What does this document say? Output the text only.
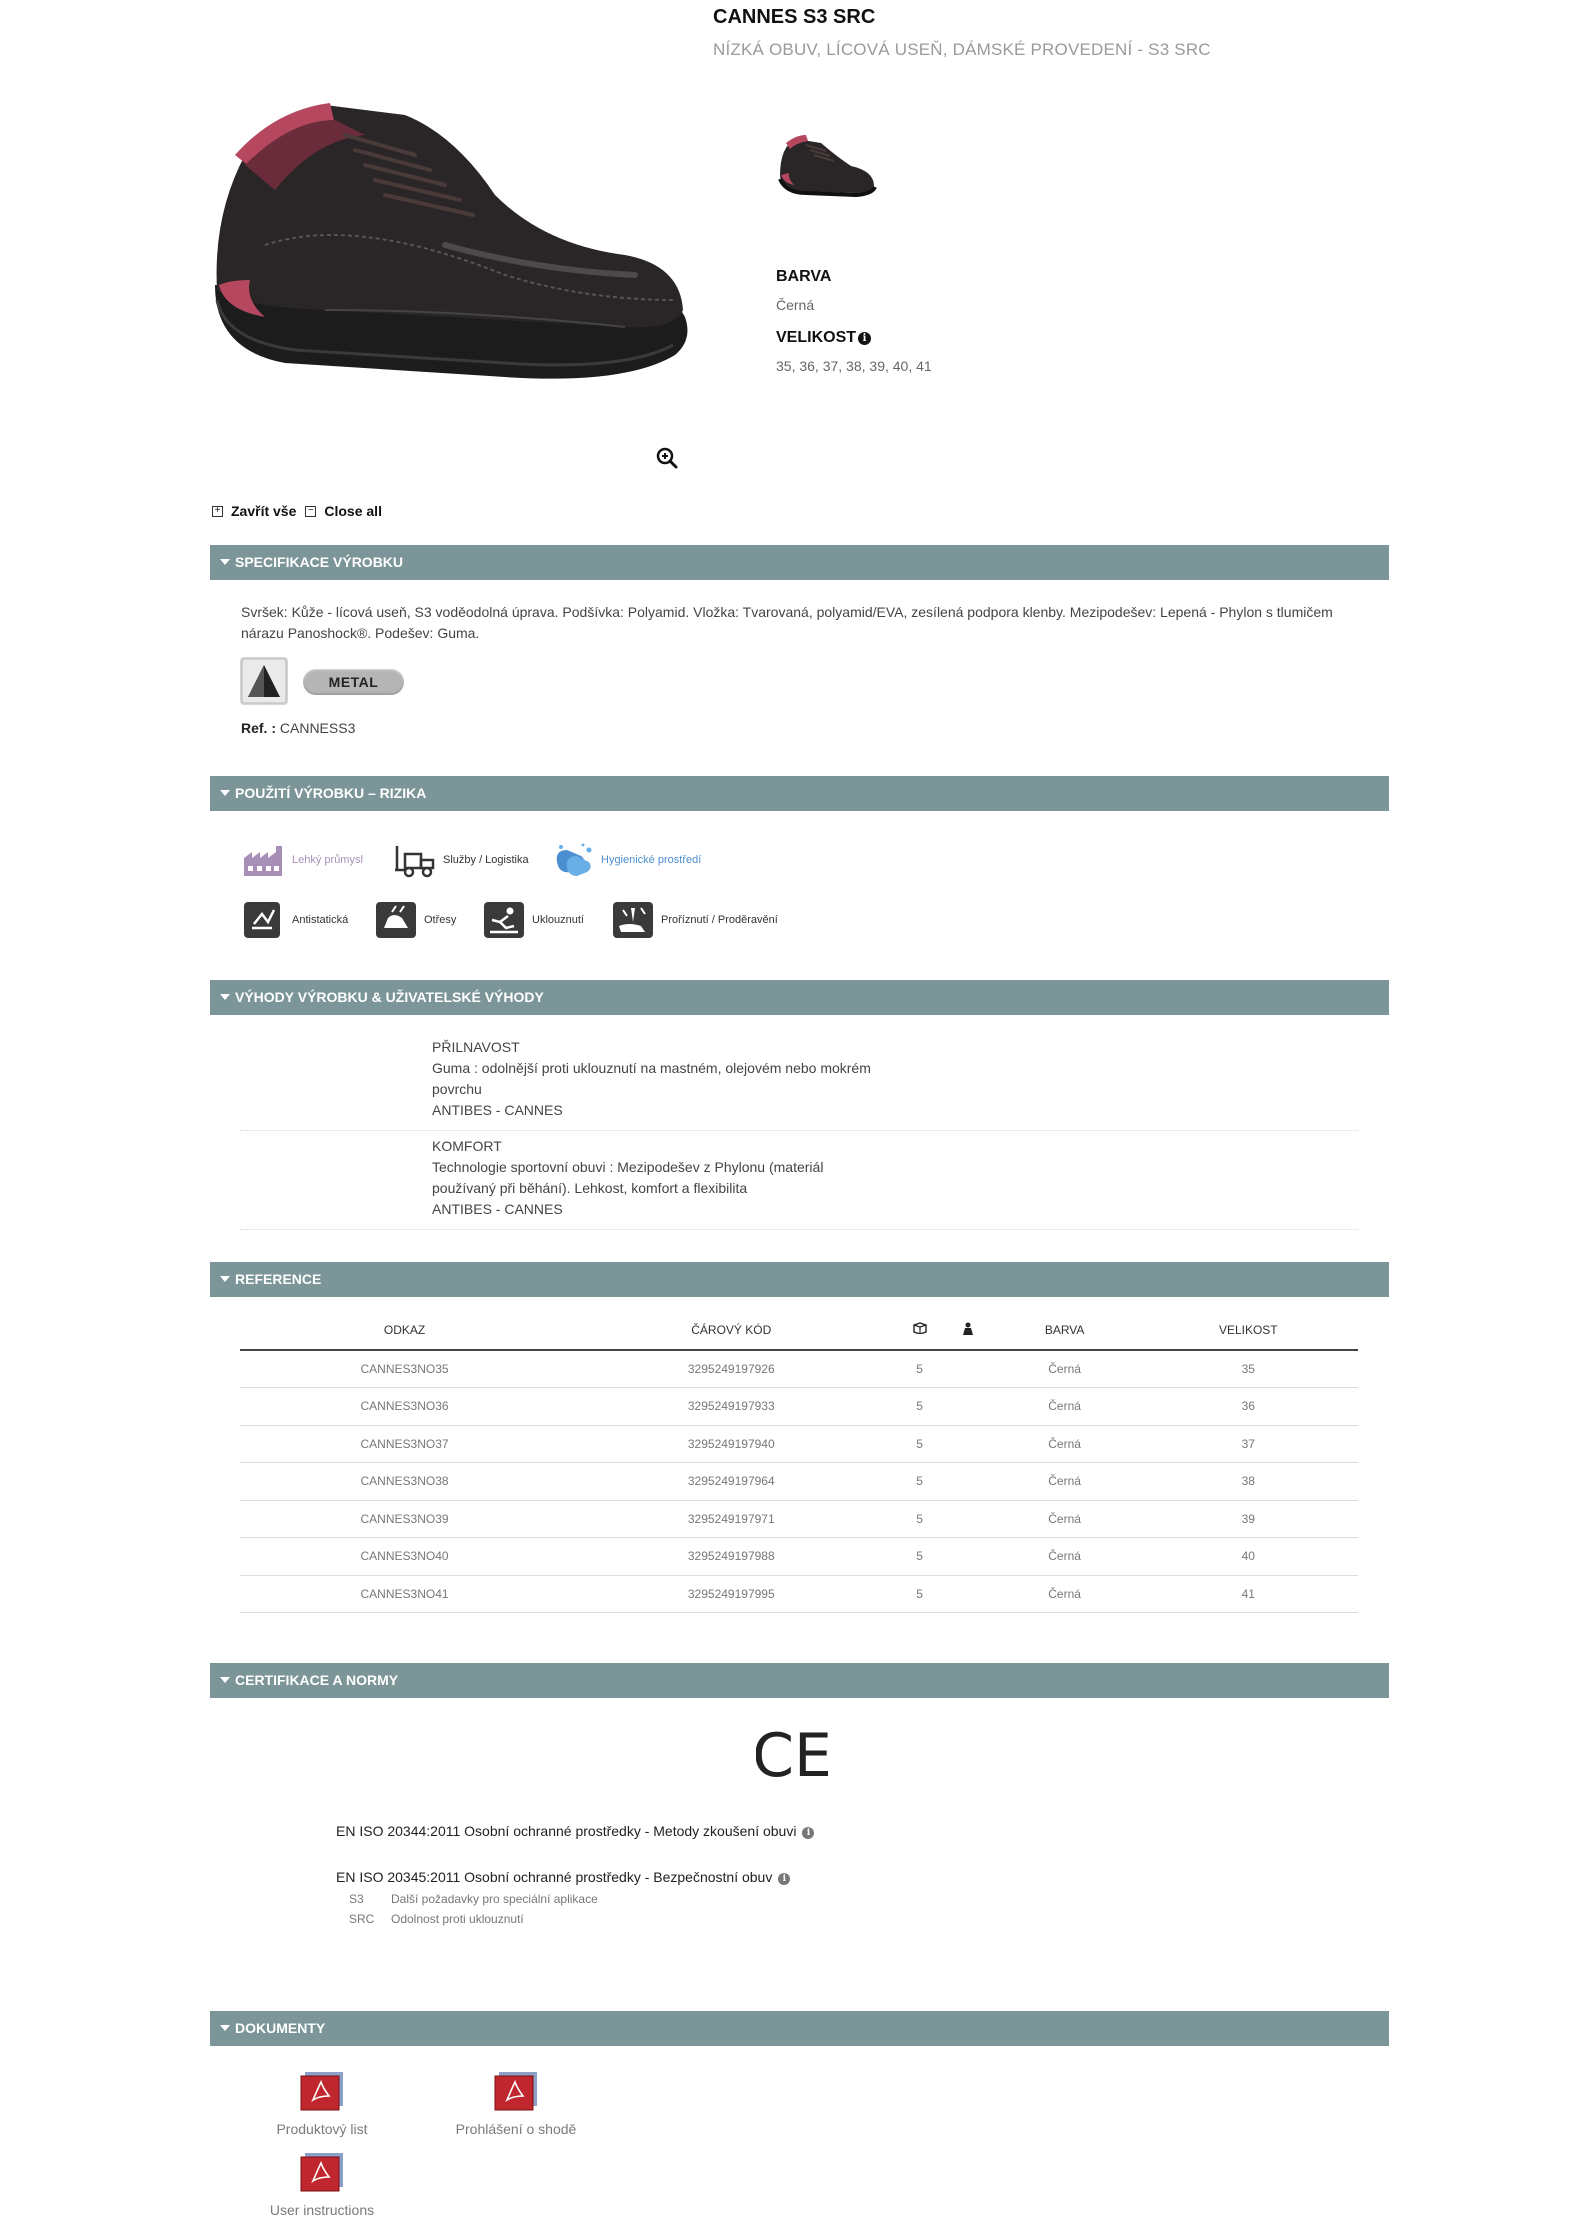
CANNES S3 SRC
NÍZKÁ OBUV, LÍCOVÁ USEŇ, DÁMSKÉ PROVEDENÍ - S3 SRC
BARVA
Černá
VELIKOST i
35, 36, 37, 38, 39, 40, 41
+ Zavřít vše − Close all
SPECIFIKACE VÝROBKU
Svršek: Kůže - lícová useň, S3 voděodolná úprava. Podšívka: Polyamid. Vložka: Tvarovaná, polyamid/EVA, zesílená podpora klenby. Mezipodešev: Lepená - Phylon s tlumičem nárazu Panoshock®. Podešev: Guma.
METAL
Ref. : CANNESS3
POUŽITÍ VÝROBKU – RIZIKA
Lehký průmysl	Služby / Logistika	Hygienické prostředí
Antistatická	Otřesy	Uklouznutí	Proříznutí / Proděravění
VÝHODY VÝROBKU & UŽIVATELSKÉ VÝHODY
PŘILNAVOST
Guma : odolnější proti uklouznutí na mastném, olejovém nebo mokrém
povrchu
ANTIBES - CANNES
KOMFORT
Technologie sportovní obuvi : Mezipodešev z Phylonu (materiál
používaný při běhání). Lehkost, komfort a flexibilita
ANTIBES - CANNES
REFERENCE
ODKAZ	ČÁROVÝ KÓD			BARVA	VELIKOST
CANNES3NO35	3295249197926	5		Černá	35
CANNES3NO36	3295249197933	5		Černá	36
CANNES3NO37	3295249197940	5		Černá	37
CANNES3NO38	3295249197964	5		Černá	38
CANNES3NO39	3295249197971	5		Černá	39
CANNES3NO40	3295249197988	5		Černá	40
CANNES3NO41	3295249197995	5		Černá	41
CERTIFIKACE A NORMY
CE
EN ISO 20344:2011 Osobní ochranné prostředky - Metody zkoušení obuvi i
EN ISO 20345:2011 Osobní ochranné prostředky - Bezpečnostní obuv i
S3 Další požadavky pro speciální aplikace
SRC Odolnost proti uklouznutí
DOKUMENTY
Produktový list	Prohlášení o shodě
User instructions
